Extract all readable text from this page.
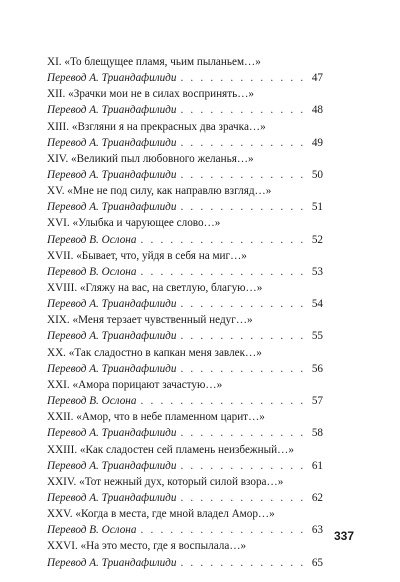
XI. «То блещущее пламя, чьим пыланьем…»
Перевод А. Триандафилиди . . .	47
XII. «Зрачки мои не в силах воспринять…»
Перевод А. Триандафилиди . . .	48
XIII. «Взгляни я на прекрасных два зрачка…»
Перевод А. Триандафилиди . . .	49
XIV. «Великий пыл любовного желанья…»
Перевод А. Триандафилиди . . .	50
XV. «Мне не под силу, как направлю взгляд…»
Перевод А. Триандафилиди . . .	51
XVI. «Улыбка и чарующее слово…»
Перевод В. Ослона . . .	52
XVII. «Бывает, что, уйдя в себя на миг…»
Перевод В. Ослона . . .	53
XVIII. «Гляжу на вас, на светлую, благую…»
Перевод А. Триандафилиди . . .	54
XIX. «Меня терзает чувственный недуг…»
Перевод А. Триандафилиди . . .	55
XX. «Так сладостно в капкан меня завлек…»
Перевод А. Триандафилиди . . .	56
XXI. «Амора порицают зачастую…»
Перевод В. Ослона . . .	57
XXII. «Амор, что в небе пламенном царит…»
Перевод А. Триандафилиди . . .	58
XXIII. «Как сладостен сей пламень неизбежный…»
Перевод А. Триандафилиди . . .	61
XXIV. «Тот нежный дух, который силой взора…»
Перевод А. Триандафилиди . . .	62
XXV. «Когда в места, где мной владел Амор…»
Перевод В. Ослона . . .	63
XXVI. «На это место, где я воспылала…»
Перевод А. Триандафилиди . . .	65
337
